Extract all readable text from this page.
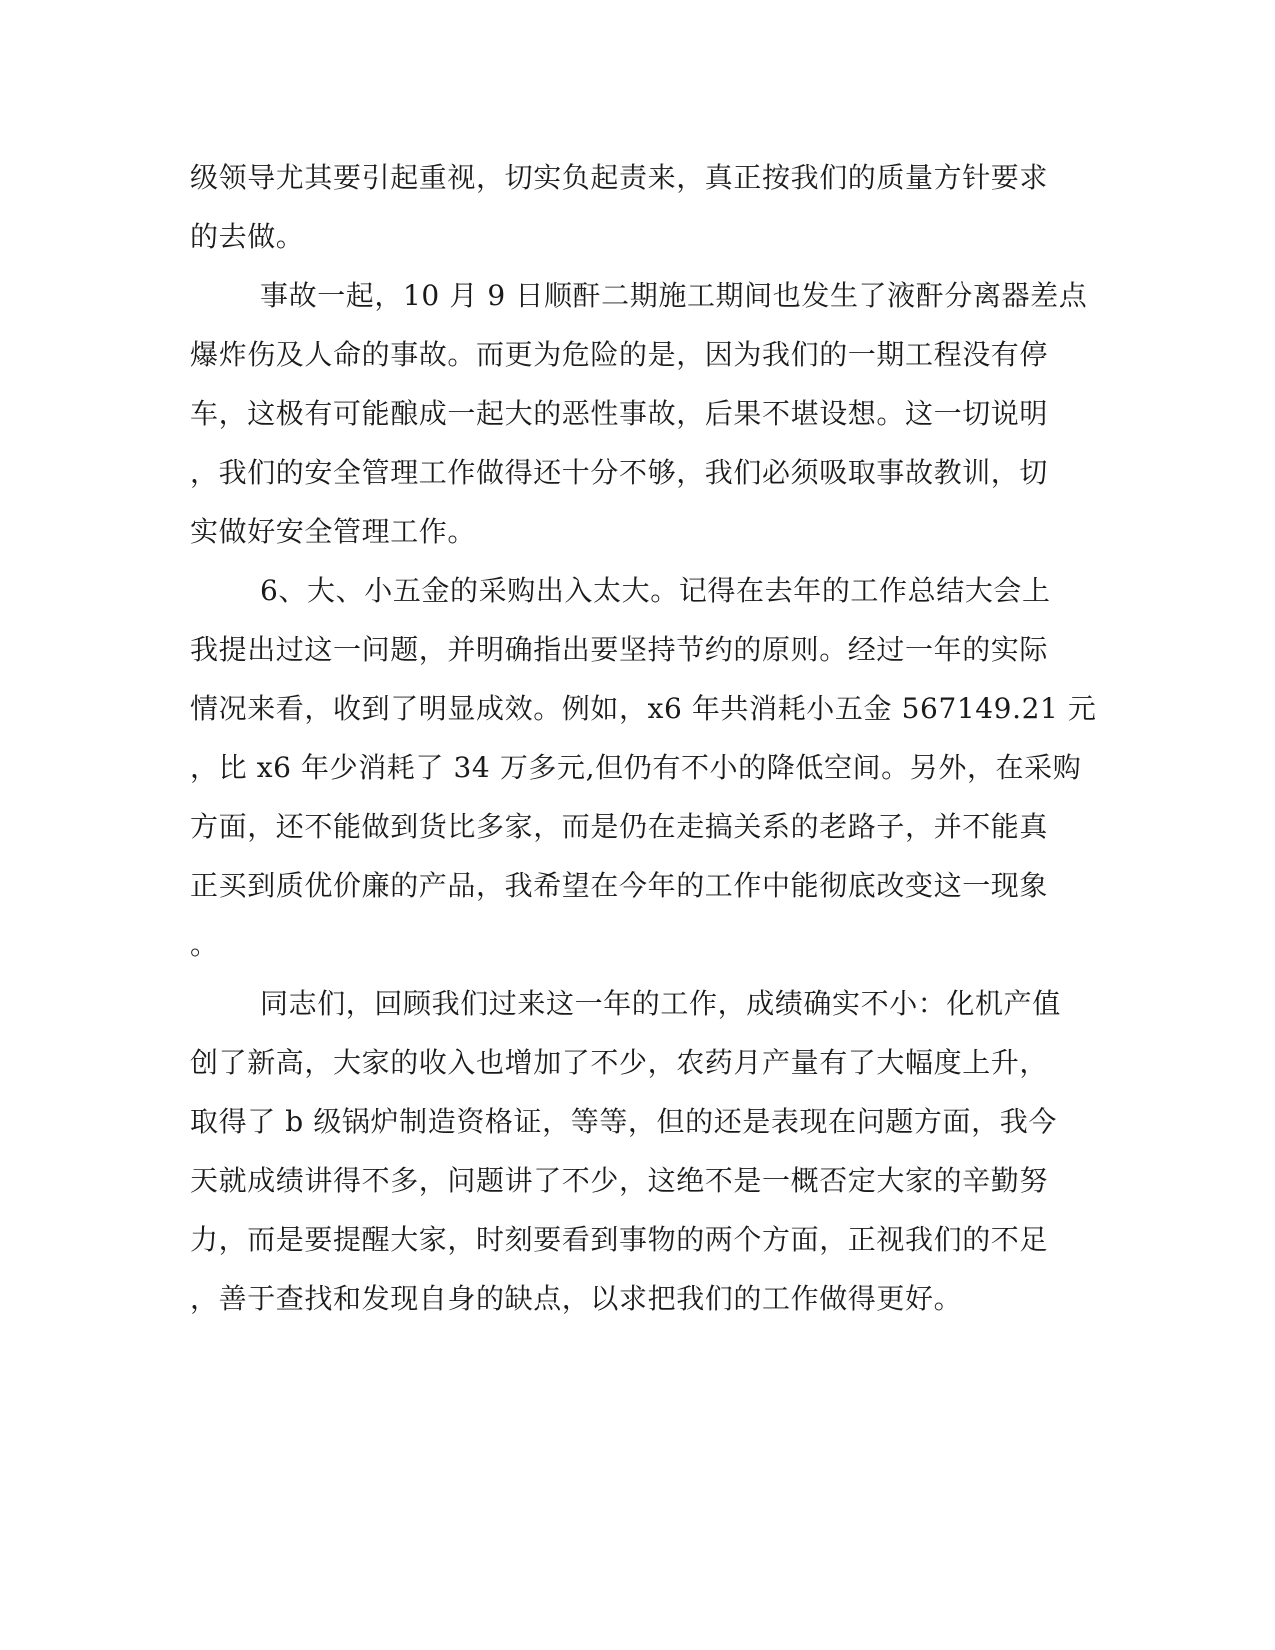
级领导尤其要引起重视，切实负起责来，真正按我们的质量方针要求
的去做。
事故一起，10 月 9 日顺酐二期施工期间也发生了液酐分离器差点
爆炸伤及人命的事故。而更为危险的是，因为我们的一期工程没有停
车，这极有可能酿成一起大的恶性事故，后果不堪设想。这一切说明
，我们的安全管理工作做得还十分不够，我们必须吸取事故教训，切
实做好安全管理工作。
6、大、小五金的采购出入太大。记得在去年的工作总结大会上
我提出过这一问题，并明确指出要坚持节约的原则。经过一年的实际
情况来看，收到了明显成效。例如，x6 年共消耗小五金 567149.21 元
，比 x6 年少消耗了 34 万多元,但仍有不小的降低空间。另外，在采购
方面，还不能做到货比多家，而是仍在走搞关系的老路子，并不能真
正买到质优价廉的产品，我希望在今年的工作中能彻底改变这一现象
。
同志们，回顾我们过来这一年的工作，成绩确实不小：化机产值
创了新高，大家的收入也增加了不少，农药月产量有了大幅度上升，
取得了 b 级锅炉制造资格证，等等，但的还是表现在问题方面，我今
天就成绩讲得不多，问题讲了不少，这绝不是一概否定大家的辛勤努
力，而是要提醒大家，时刻要看到事物的两个方面，正视我们的不足
，善于查找和发现自身的缺点，以求把我们的工作做得更好。
